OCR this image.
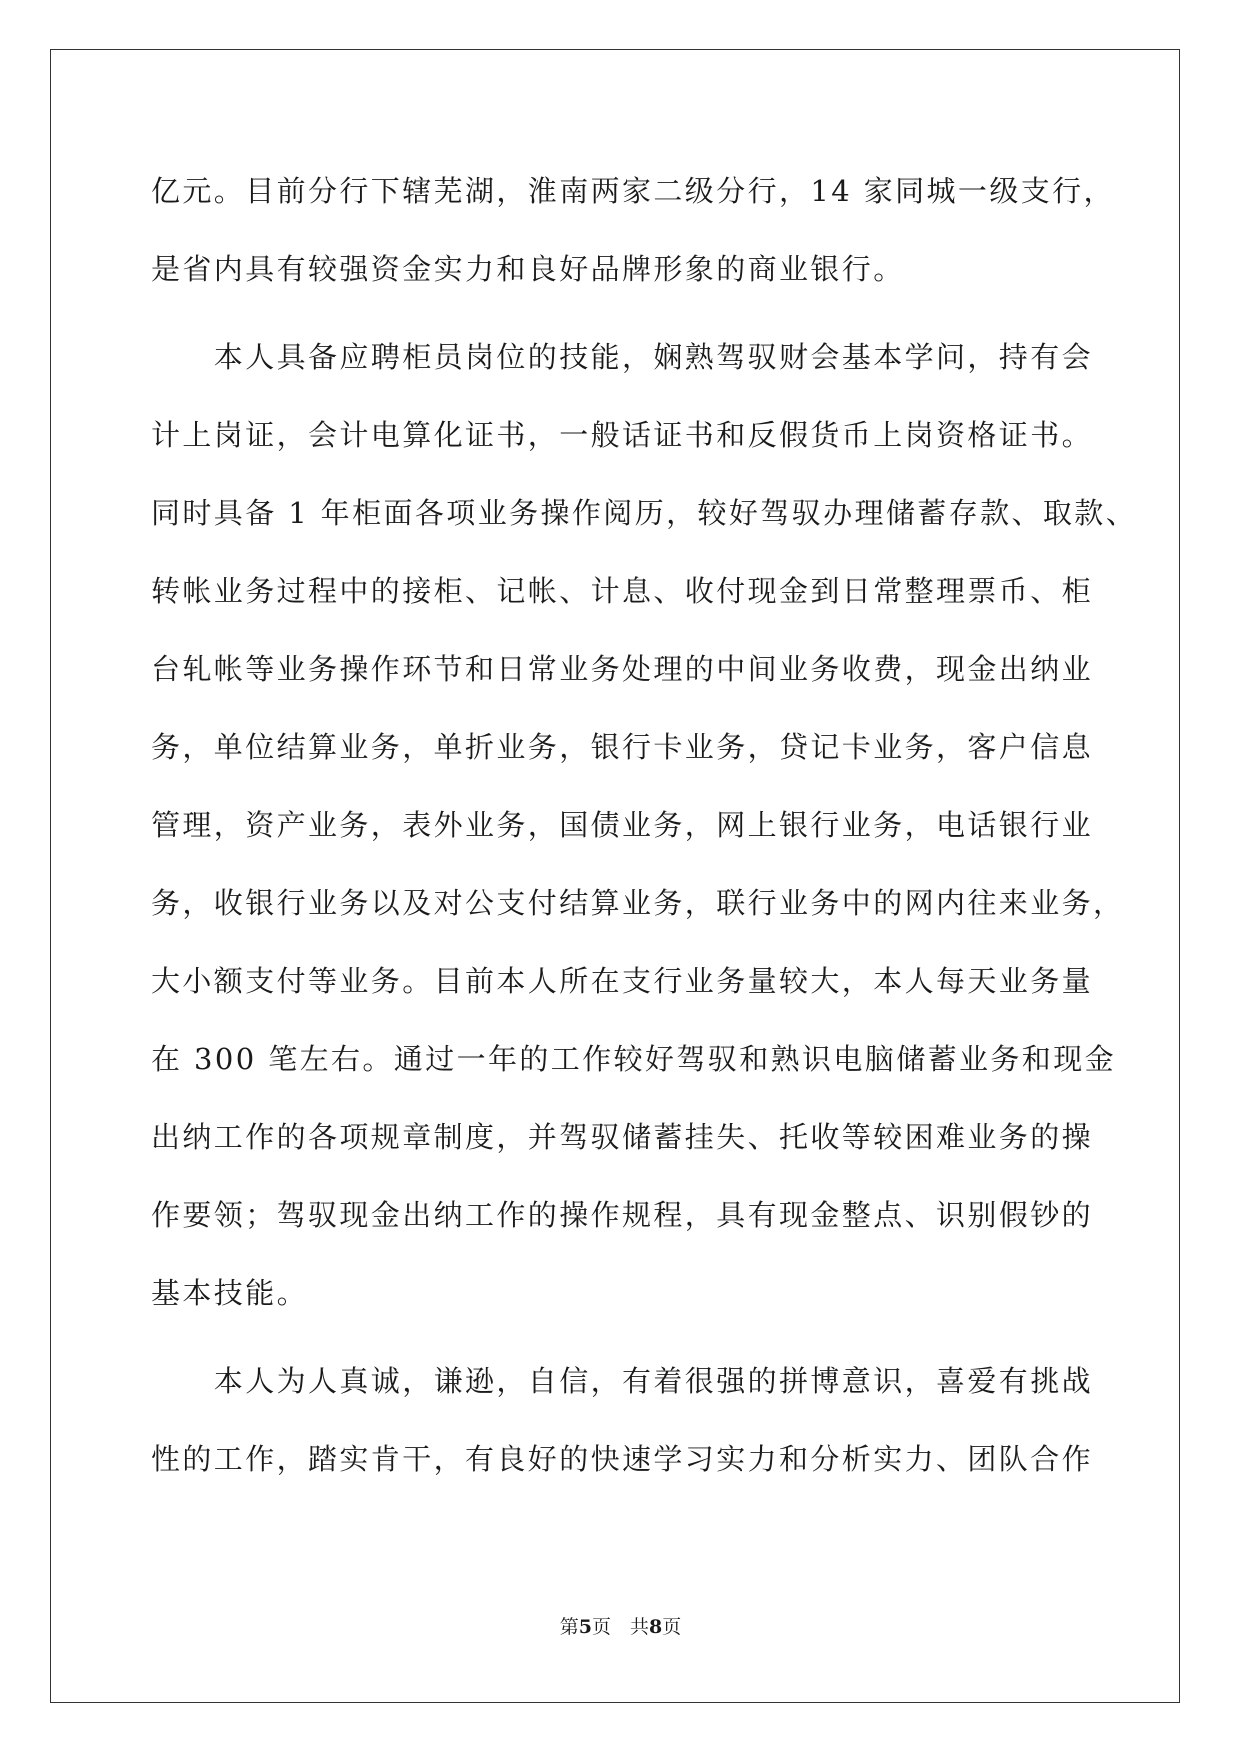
亿元。目前分行下辖芜湖，淮南两家二级分行，14 家同城一级支行，
是省内具有较强资金实力和良好品牌形象的商业银行。
　　本人具备应聘柜员岗位的技能，娴熟驾驭财会基本学问，持有会
计上岗证，会计电算化证书，一般话证书和反假货币上岗资格证书。
同时具备 1 年柜面各项业务操作阅历，较好驾驭办理储蓄存款、取款、
转帐业务过程中的接柜、记帐、计息、收付现金到日常整理票币、柜
台轧帐等业务操作环节和日常业务处理的中间业务收费，现金出纳业
务，单位结算业务，单折业务，银行卡业务，贷记卡业务，客户信息
管理，资产业务，表外业务，国债业务，网上银行业务，电话银行业
务，收银行业务以及对公支付结算业务，联行业务中的网内往来业务，
大小额支付等业务。目前本人所在支行业务量较大，本人每天业务量
在 300 笔左右。通过一年的工作较好驾驭和熟识电脑储蓄业务和现金
出纳工作的各项规章制度，并驾驭储蓄挂失、托收等较困难业务的操
作要领；驾驭现金出纳工作的操作规程，具有现金整点、识别假钞的
基本技能。
　　本人为人真诚，谦逊，自信，有着很强的拼博意识，喜爱有挑战
性的工作，踏实肯干，有良好的快速学习实力和分析实力、团队合作
第5页　共8页
